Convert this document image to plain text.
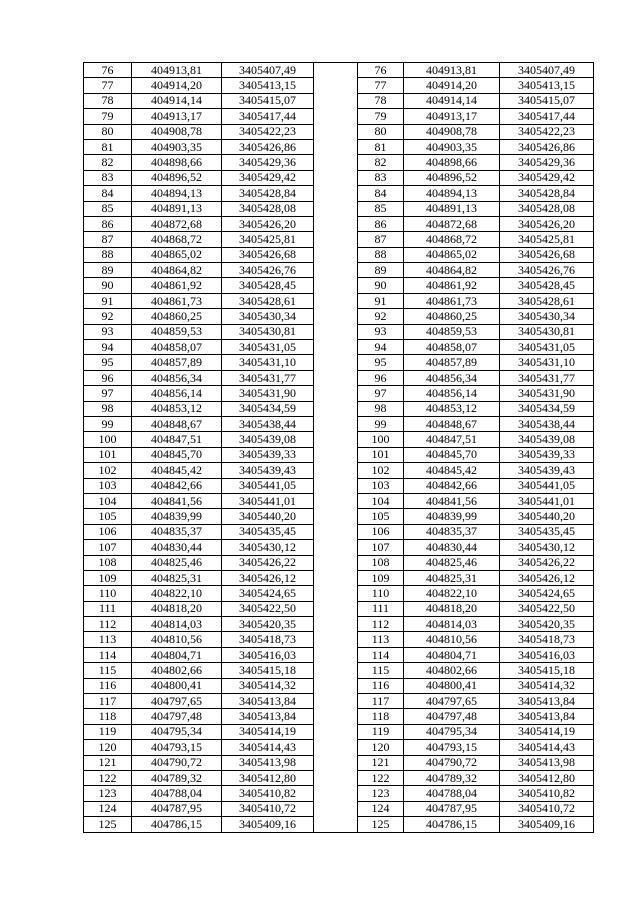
76	404913,81	3405407,49		76	404913,81	3405407,49
77	404914,20	3405413,15		77	404914,20	3405413,15
78	404914,14	3405415,07		78	404914,14	3405415,07
79	404913,17	3405417,44		79	404913,17	3405417,44
80	404908,78	3405422,23		80	404908,78	3405422,23
81	404903,35	3405426,86		81	404903,35	3405426,86
82	404898,66	3405429,36		82	404898,66	3405429,36
83	404896,52	3405429,42		83	404896,52	3405429,42
84	404894,13	3405428,84		84	404894,13	3405428,84
85	404891,13	3405428,08		85	404891,13	3405428,08
86	404872,68	3405426,20		86	404872,68	3405426,20
87	404868,72	3405425,81		87	404868,72	3405425,81
88	404865,02	3405426,68		88	404865,02	3405426,68
89	404864,82	3405426,76		89	404864,82	3405426,76
90	404861,92	3405428,45		90	404861,92	3405428,45
91	404861,73	3405428,61		91	404861,73	3405428,61
92	404860,25	3405430,34		92	404860,25	3405430,34
93	404859,53	3405430,81		93	404859,53	3405430,81
94	404858,07	3405431,05		94	404858,07	3405431,05
95	404857,89	3405431,10		95	404857,89	3405431,10
96	404856,34	3405431,77		96	404856,34	3405431,77
97	404856,14	3405431,90		97	404856,14	3405431,90
98	404853,12	3405434,59		98	404853,12	3405434,59
99	404848,67	3405438,44		99	404848,67	3405438,44
100	404847,51	3405439,08		100	404847,51	3405439,08
101	404845,70	3405439,33		101	404845,70	3405439,33
102	404845,42	3405439,43		102	404845,42	3405439,43
103	404842,66	3405441,05		103	404842,66	3405441,05
104	404841,56	3405441,01		104	404841,56	3405441,01
105	404839,99	3405440,20		105	404839,99	3405440,20
106	404835,37	3405435,45		106	404835,37	3405435,45
107	404830,44	3405430,12		107	404830,44	3405430,12
108	404825,46	3405426,22		108	404825,46	3405426,22
109	404825,31	3405426,12		109	404825,31	3405426,12
110	404822,10	3405424,65		110	404822,10	3405424,65
111	404818,20	3405422,50		111	404818,20	3405422,50
112	404814,03	3405420,35		112	404814,03	3405420,35
113	404810,56	3405418,73		113	404810,56	3405418,73
114	404804,71	3405416,03		114	404804,71	3405416,03
115	404802,66	3405415,18		115	404802,66	3405415,18
116	404800,41	3405414,32		116	404800,41	3405414,32
117	404797,65	3405413,84		117	404797,65	3405413,84
118	404797,48	3405413,84		118	404797,48	3405413,84
119	404795,34	3405414,19		119	404795,34	3405414,19
120	404793,15	3405414,43		120	404793,15	3405414,43
121	404790,72	3405413,98		121	404790,72	3405413,98
122	404789,32	3405412,80		122	404789,32	3405412,80
123	404788,04	3405410,82		123	404788,04	3405410,82
124	404787,95	3405410,72		124	404787,95	3405410,72
125	404786,15	3405409,16		125	404786,15	3405409,16
